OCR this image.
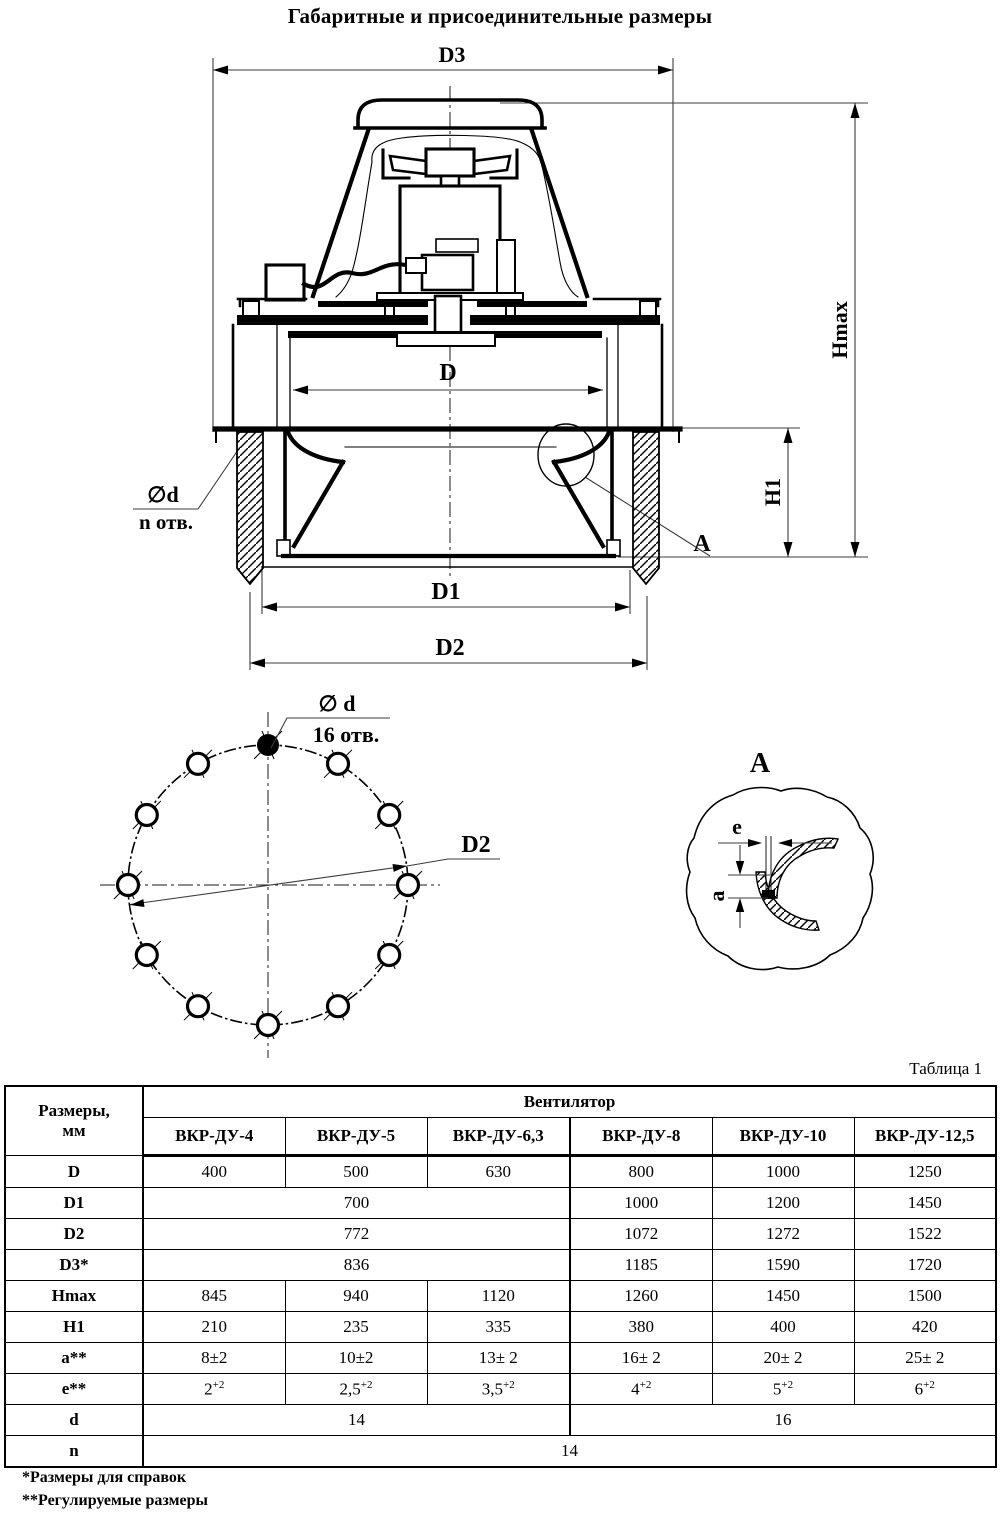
Габаритные и присоединительные размеры
D3
D
D1
D2
A
Hmax
H1
∅d
n отв.
∅ d
16 отв.
D2
A
e
a
Таблица 1
Размеры,
мм	Вентилятор					
	ВКР-ДУ-4	ВКР-ДУ-5	ВКР-ДУ-6,3	ВКР-ДУ-8	ВКР-ДУ-10	ВКР-ДУ-12,5
D	400	500	630	800	1000	1250
D1	700			1000	1200	1450
D2	772			1072	1272	1522
D3*	836			1185	1590	1720
Hmax	845	940	1120	1260	1450	1500
H1	210	235	335	380	400	420
a**	8±2	10±2	13± 2	16± 2	20± 2	25± 2
e**	$2^{+2}$	$2,5^{+2}$	$3,5^{+2}$	$4^{+2}$	$5^{+2}$	$6^{+2}$
d	14			16		
n	14					
*Размеры для справок
**Регулируемые размеры
